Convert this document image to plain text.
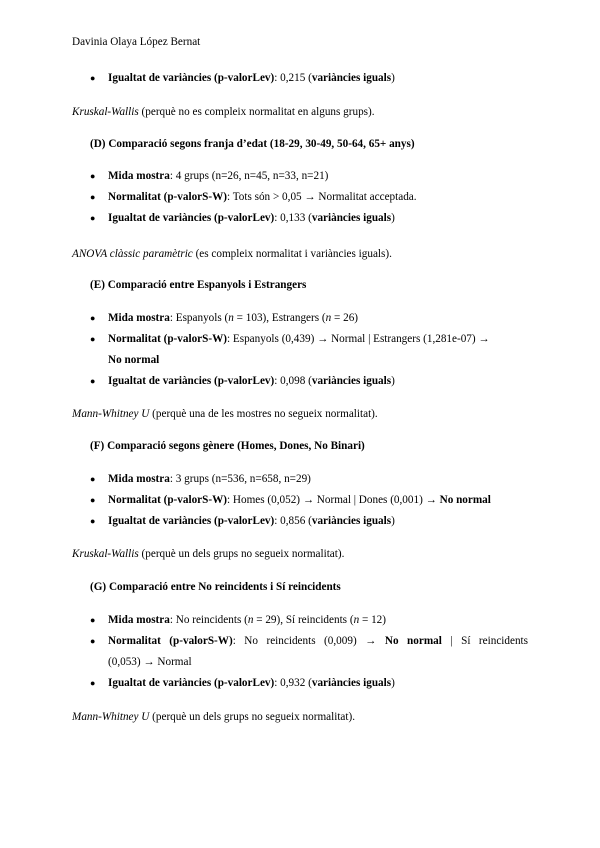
Davinia Olaya López Bernat
● Igualtat de variàncies (p-valorLev): 0,215 (variàncies iguals)
Kruskal-Wallis (perquè no es compleix normalitat en alguns grups).
(D) Comparació segons franja d’edat (18-29, 30-49, 50-64, 65+ anys)
● Mida mostra: 4 grups (n=26, n=45, n=33, n=21)
● Normalitat (p-valorS-W): Tots són > 0,05 → Normalitat acceptada.
● Igualtat de variàncies (p-valorLev): 0,133 (variàncies iguals)
ANOVA clàssic paramètric (es compleix normalitat i variàncies iguals).
(E) Comparació entre Espanyols i Estrangers
● Mida mostra: Espanyols (n = 103), Estrangers (n = 26)
● Normalitat (p-valorS-W): Espanyols (0,439) → Normal | Estrangers (1,281e-07) →
No normal
● Igualtat de variàncies (p-valorLev): 0,098 (variàncies iguals)
Mann-Whitney U (perquè una de les mostres no segueix normalitat).
(F) Comparació segons gènere (Homes, Dones, No Binari)
● Mida mostra: 3 grups (n=536, n=658, n=29)
● Normalitat (p-valorS-W): Homes (0,052) → Normal | Dones (0,001) → No normal
● Igualtat de variàncies (p-valorLev): 0,856 (variàncies iguals)
Kruskal-Wallis (perquè un dels grups no segueix normalitat).
(G) Comparació entre No reincidents i Sí reincidents
● Mida mostra: No reincidents (n = 29), Sí reincidents (n = 12)
● Normalitat (p-valorS-W): No reincidents (0,009) → No normal | Sí reincidents
(0,053) → Normal
● Igualtat de variàncies (p-valorLev): 0,932 (variàncies iguals)
Mann-Whitney U (perquè un dels grups no segueix normalitat).
